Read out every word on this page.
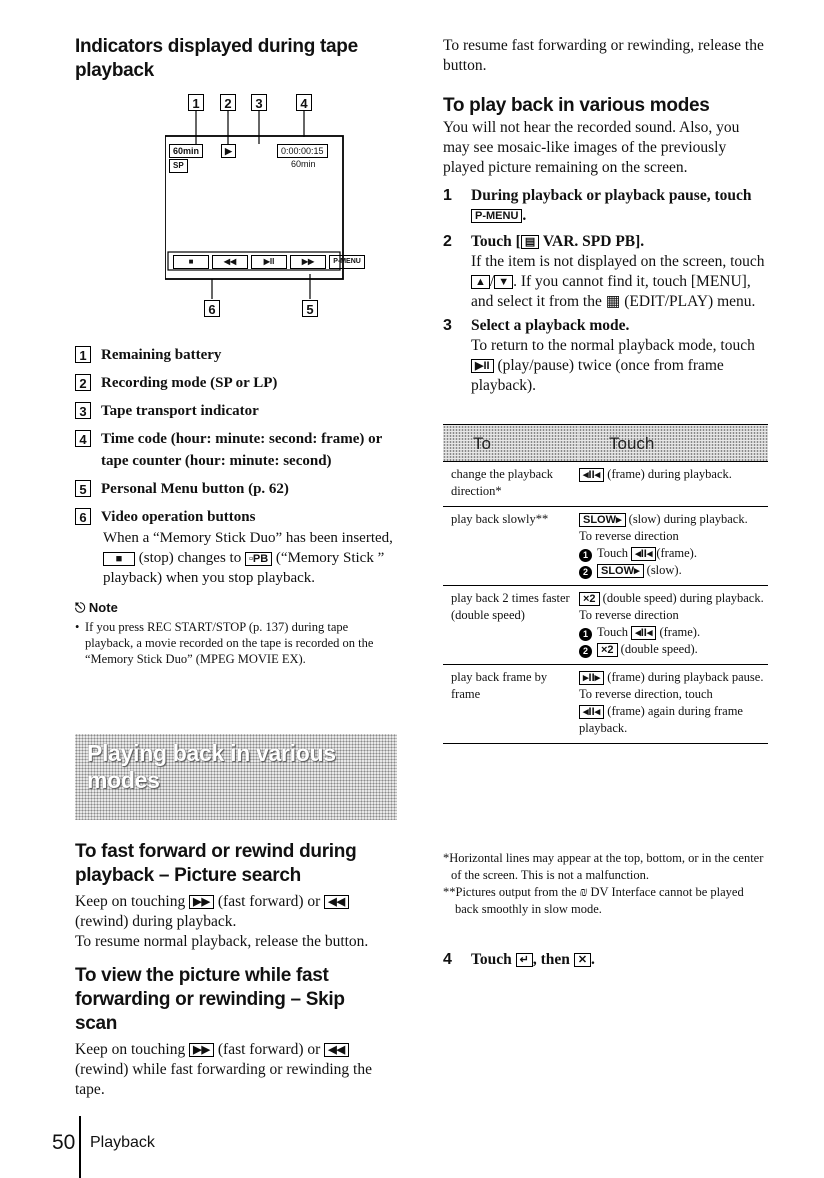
Indicators displayed during tape playback
1	2	3	4
60min
SP
▶	0:00:00:15
60min
■	◀◀	▶II	▶▶	P-MENU
6	5
1 Remaining battery
2 Recording mode (SP or LP)
3 Tape transport indicator
4 Time code (hour: minute: second: frame) or tape counter (hour: minute: second)
5 Personal Menu button (p. 62)
6 Video operation buttons
When a “Memory Stick Duo” has been inserted, ■ (stop) changes to ▫PB (“Memory Stick ” playback) when you stop playback.
⎋ Note
• If you press REC START/STOP (p. 137) during tape playback, a movie recorded on the tape is recorded on the “Memory Stick Duo” (MPEG MOVIE EX).
To fast forward or rewind during playback – Picture search

Keep on touching ▶▶ (fast forward) or ◀◀ (rewind) during playback.
To resume normal playback, release the button.

To view the picture while fast forwarding or rewinding – Skip scan

Keep on touching ▶▶ (fast forward) or ◀◀ (rewind) while fast forwarding or rewinding the tape.

Playing back in various modes

To resume fast forwarding or rewinding, release the button.

To play back in various modes

You will not hear the recorded sound. Also, you may see mosaic-like images of the previously played picture remaining on the screen.

1	During playback or playback pause, touch P-MENU .
2	Touch [ ▤ VAR. SPD PB].
If the item is not displayed on the screen, touch ▲ / ▼ . If you cannot find it, touch [MENU], and select it from the ▦ (EDIT/PLAY) menu.
3	Select a playback mode.
To return to the normal playback mode, touch ▶II (play/pause) twice (once from frame playback).
To	Touch
change the playback direction*	◂II◂ (frame) during playback.
play back slowly**	SLOW▸ (slow) during playback.
To reverse direction
1 Touch ◂II◂ (frame).
2 SLOW▸ (slow).
play back 2 times faster (double speed)	×2 (double speed) during playback.
To reverse direction
1 Touch ◂II◂ (frame).
2 ×2 (double speed).
play back frame by frame	▸II▸ (frame) during playback pause.
To reverse direction, touch
◂II◂ (frame) again during frame playback.
*Horizontal lines may appear at the top, bottom, or in the center of the screen. This is not a malfunction.
**Pictures output from the ₪ DV Interface cannot be played back smoothly in slow mode.
4	Touch ↵ , then ✕ .
50 Playback
